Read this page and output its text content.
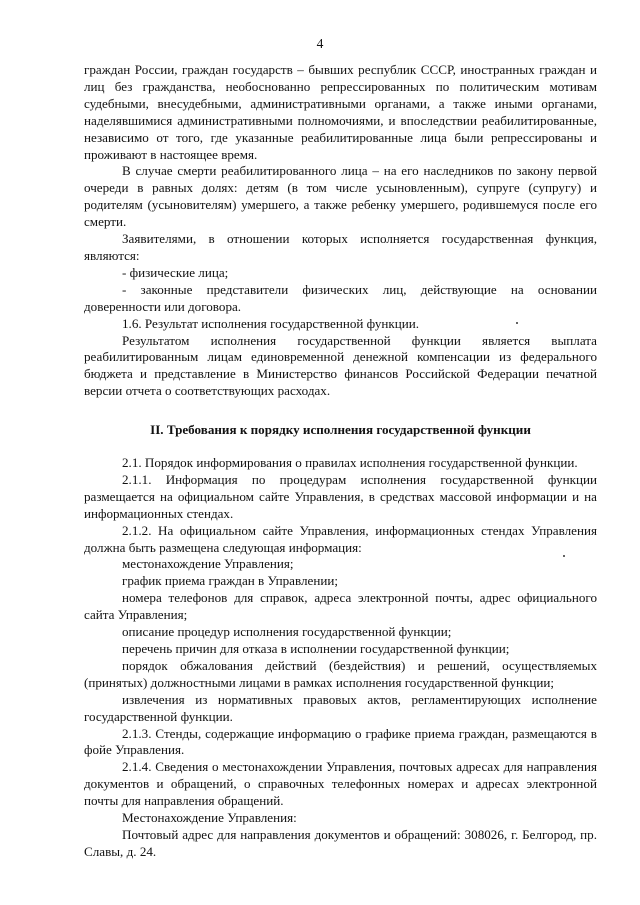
4

граждан России, граждан государств – бывших республик СССР, иностранных граждан и лиц без гражданства, необоснованно репрессированных по политическим мотивам судебными, внесудебными, административными органами, а также иными органами, наделявшимися административными полномочиями, и впоследствии реабилитированные, независимо от того, где указанные реабилитированные лица были репрессированы и проживают в настоящее время.

В случае смерти реабилитированного лица – на его наследников по закону первой очереди в равных долях: детям (в том числе усыновленным), супруге (супругу) и родителям (усыновителям) умершего, а также ребенку умершего, родившемуся после его смерти.

Заявителями, в отношении которых исполняется государственная функция, являются:

- физические лица;

- законные представители физических лиц, действующие на основании доверенности или договора.

1.6. Результат исполнения государственной функции.

Результатом исполнения государственной функции является выплата реабилитированным лицам единовременной денежной компенсации из федерального бюджета и представление в Министерство финансов Российской Федерации печатной версии отчета о соответствующих расходах.

II. Требования к порядку исполнения государственной функции

2.1. Порядок информирования о правилах исполнения государственной функции.

2.1.1. Информация по процедурам исполнения государственной функции размещается на официальном сайте Управления, в средствах массовой информации и на информационных стендах.

2.1.2. На официальном сайте Управления, информационных стендах Управления должна быть размещена следующая информация:

местонахождение Управления;

график приема граждан в Управлении;

номера телефонов для справок, адреса электронной почты, адрес официального сайта Управления;

описание процедур исполнения государственной функции;

перечень причин для отказа в исполнении государственной функции;

порядок обжалования действий (бездействия) и решений, осуществляемых (принятых) должностными лицами в рамках исполнения государственной функции;

извлечения из нормативных правовых актов, регламентирующих исполнение государственной функции.

2.1.3. Стенды, содержащие информацию о графике приема граждан, размещаются в фойе Управления.

2.1.4. Сведения о местонахождении Управления, почтовых адресах для направления документов и обращений, о справочных телефонных номерах и адресах электронной почты для направления обращений.

Местонахождение Управления:

Почтовый адрес для направления документов и обращений: 308026, г. Белгород, пр. Славы, д. 24.
